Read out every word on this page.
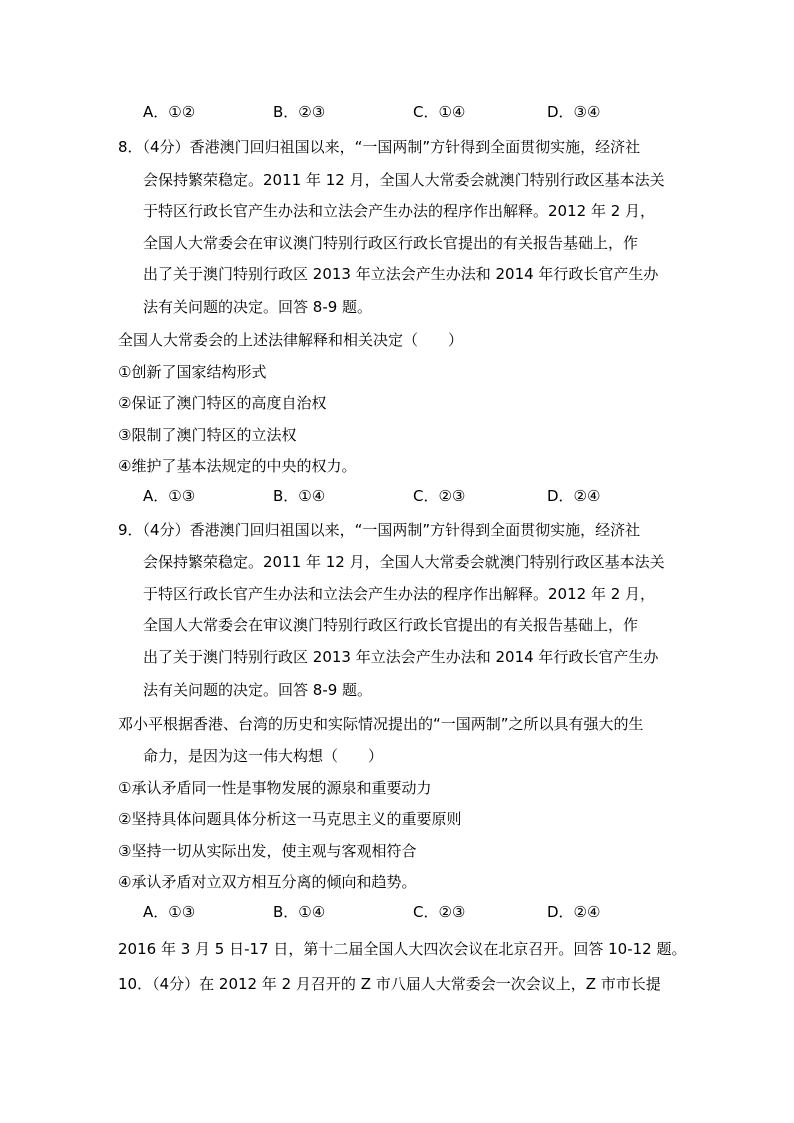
A．①②	B．②③	C．①④	D．③④
8．（4分）香港澳门回归祖国以来，“一国两制”方针得到全面贯彻实施，经济社
会保持繁荣稳定。2011 年 12 月，全国人大常委会就澳门特别行政区基本法关
于特区行政长官产生办法和立法会产生办法的程序作出解释。2012 年 2 月，
全国人大常委会在审议澳门特别行政区行政长官提出的有关报告基础上，作
出了关于澳门特别行政区 2013 年立法会产生办法和 2014 年行政长官产生办
法有关问题的决定。回答 8-9 题。
全国人大常委会的上述法律解释和相关决定（　　）
①创新了国家结构形式
②保证了澳门特区的高度自治权
③限制了澳门特区的立法权
④维护了基本法规定的中央的权力。
A．①③	B．①④	C．②③	D．②④
9．（4分）香港澳门回归祖国以来，“一国两制”方针得到全面贯彻实施，经济社
会保持繁荣稳定。2011 年 12 月，全国人大常委会就澳门特别行政区基本法关
于特区行政长官产生办法和立法会产生办法的程序作出解释。2012 年 2 月，
全国人大常委会在审议澳门特别行政区行政长官提出的有关报告基础上，作
出了关于澳门特别行政区 2013 年立法会产生办法和 2014 年行政长官产生办
法有关问题的决定。回答 8-9 题。
邓小平根据香港、台湾的历史和实际情况提出的“一国两制”之所以具有强大的生
命力，是因为这一伟大构想（　　）
①承认矛盾同一性是事物发展的源泉和重要动力
②坚持具体问题具体分析这一马克思主义的重要原则
③坚持一切从实际出发，使主观与客观相符合
④承认矛盾对立双方相互分离的倾向和趋势。
A．①③	B．①④	C．②③	D．②④
2016 年 3 月 5 日-17 日，第十二届全国人大四次会议在北京召开。回答 10-12 题。
10．（4分）在 2012 年 2 月召开的 Z 市八届人大常委会一次会议上，Z 市市长提
